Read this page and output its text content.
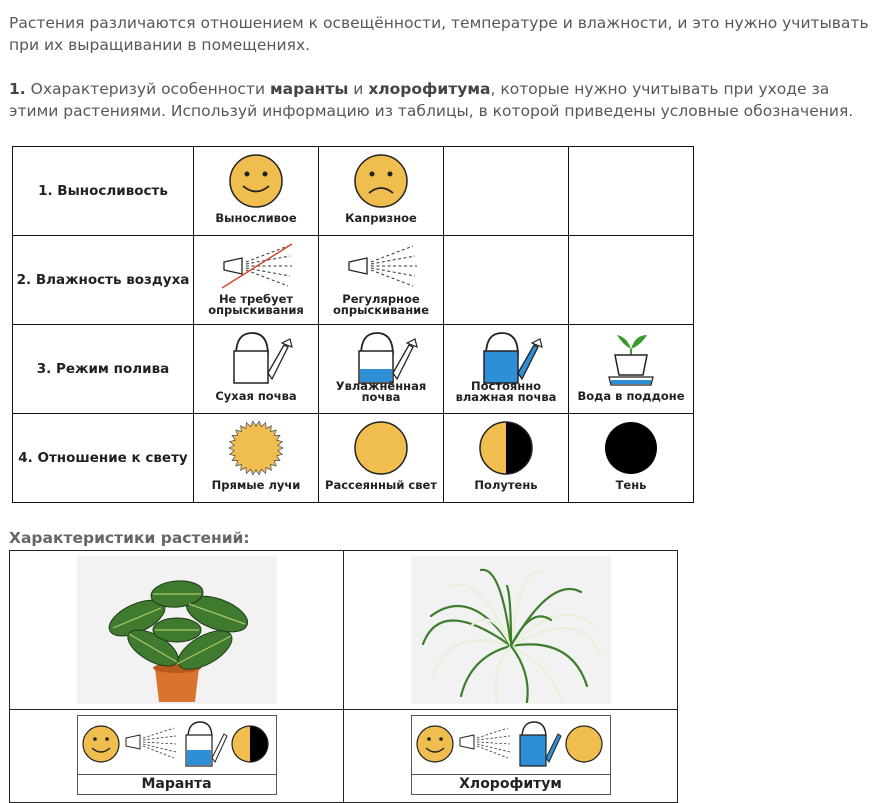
Растения различаются отношением к освещённости, температуре и влажности, и это нужно учитывать при их выращивании в помещениях.

1. Охарактеризуй особенности маранты и хлорофитума, которые нужно учитывать при уходе за этими растениями. Используй информацию из таблицы, в которой приведены условные обозначения.

1. Выносливость	Выносливое	Капризное		

2. Влажность воздуха	Не требует опрыскивания	Регулярное опрыскивание		

3. Режим полива	Сухая почва	Увлажнённая почва	Постоянно влажная почва	Вода в поддоне

4. Отношение к свету	Прямые лучи	Рассеянный свет	Полутень	Тень

Характеристики растений:

Маранта	Хлорофитум
